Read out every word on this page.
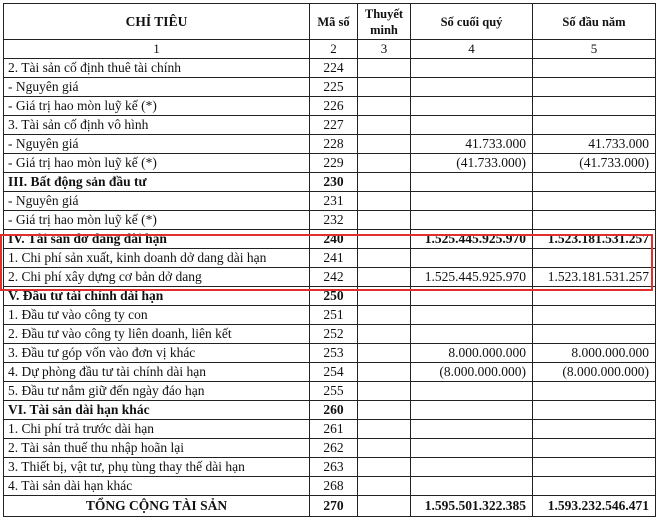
CHỈ TIÊU	Mã số	Thuyết minh	Số cuối quý	Số đầu năm
1	2	3	4	5
2. Tài sản cố định thuê tài chính	224			
- Nguyên giá	225			
- Giá trị hao mòn luỹ kế (*)	226			
3. Tài sản cố định vô hình	227			
- Nguyên giá	228		41.733.000	41.733.000
- Giá trị hao mòn luỹ kế (*)	229		(41.733.000)	(41.733.000)
III. Bất động sản đầu tư	230			
- Nguyên giá	231			
- Giá trị hao mòn luỹ kế (*)	232			
IV. Tài sản dở dang dài hạn	240		1.525.445.925.970	1.523.181.531.257
1. Chi phí sản xuất, kinh doanh dở dang dài hạn	241			
2. Chi phí xây dựng cơ bản dở dang	242		1.525.445.925.970	1.523.181.531.257
V. Đầu tư tài chính dài hạn	250			
1. Đầu tư vào công ty con	251			
2. Đầu tư vào công ty liên doanh, liên kết	252			
3. Đầu tư góp vốn vào đơn vị khác	253		8.000.000.000	8.000.000.000
4. Dự phòng đầu tư tài chính dài hạn	254		(8.000.000.000)	(8.000.000.000)
5. Đầu tư nắm giữ đến ngày đáo hạn	255			
VI. Tài sản dài hạn khác	260			
1. Chi phí trả trước dài hạn	261			
2. Tài sản thuế thu nhập hoãn lại	262			
3. Thiết bị, vật tư, phụ tùng thay thế dài hạn	263			
4. Tài sản dài hạn khác	268			
TỔNG CỘNG TÀI SẢN	270		1.595.501.322.385	1.593.232.546.471
